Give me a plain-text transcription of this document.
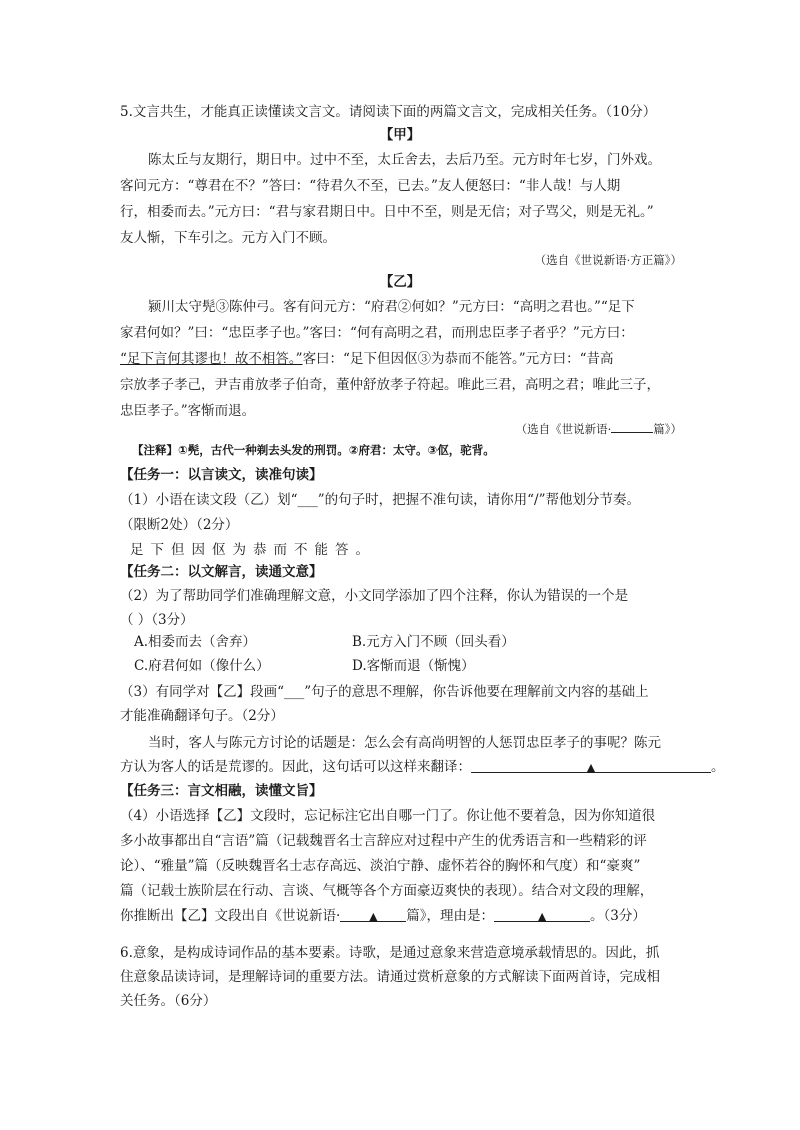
5.文言共生，才能真正读懂读文言文。请阅读下面的两篇文言文，完成相关任务。（10分）
【甲】
陈太丘与友期行，期日中。过中不至，太丘舍去，去后乃至。元方时年七岁，门外戏。
客问元方：“尊君在不？”答曰：“待君久不至，已去。”友人便怒曰：“非人哉！与人期
行，相委而去。”元方曰：“君与家君期日中。日中不至，则是无信；对子骂父，则是无礼。”
友人惭，下车引之。元方入门不顾。
（选自《世说新语·方正篇》）
【乙】
颍川太守髡③陈仲弓。客有问元方：“府君②何如？”元方曰：“高明之君也。”“足下
家君何如？”曰：“忠臣孝子也。”客曰：“何有高明之君，而刑忠臣孝子者乎？”元方曰：
“足下言何其谬也！故不相答。”客曰：“足下但因伛③为恭而不能答。”元方曰：“昔高
宗放孝子孝己，尹吉甫放孝子伯奇，董仲舒放孝子符起。唯此三君，高明之君；唯此三子，
忠臣孝子。”客惭而退。
（选自《世说新语·	篇》）
【注释】①髡，古代一种剃去头发的刑罚。②府君：太守。③伛，驼背。
【任务一：以言读文，读准句读】
（1）小语在读文段（乙）划“___”的句子时，把握不准句读，请你用“/”帮他划分节奏。
（限断2处）（2分）
足下但因伛为恭而不能答。
【任务二：以文解言，读通文意】
（2）为了帮助同学们准确理解文意，小文同学添加了四个注释，你认为错误的一个是
（ ）（3分）
A.相委而去（舍弃）	B.元方入门不顾（回头看）
C.府君何如（像什么）	D.客惭而退（惭愧）
（3）有同学对【乙】段画“___”句子的意思不理解，你告诉他要在理解前文内容的基础上
才能准确翻译句子。（2分）
当时，客人与陈元方讨论的话题是：怎么会有高尚明智的人惩罚忠臣孝子的事呢？陈元
方认为客人的话是荒谬的。因此，这句话可以这样来翻译：	▲	。
【任务三：言文相融，读懂文旨】
（4）小语选择【乙】文段时，忘记标注它出自哪一门了。你让他不要着急，因为你知道很
多小故事都出自“言语”篇（记载魏晋名士言辞应对过程中产生的优秀语言和一些精彩的评
论）、“雅量”篇（反映魏晋名士志存高远、淡泊宁静、虚怀若谷的胸怀和气度）和“豪爽”
篇（记载士族阶层在行动、言谈、气概等各个方面豪迈爽快的表现）。结合对文段的理解，
你推断出【乙】文段出自《世说新语·	▲ 篇》，理由是：	▲	。（3分）
6.意象，是构成诗词作品的基本要素。诗歌，是通过意象来营造意境承载情思的。因此，抓
住意象品读诗词，是理解诗词的重要方法。请通过赏析意象的方式解读下面两首诗，完成相
关任务。（6分）
